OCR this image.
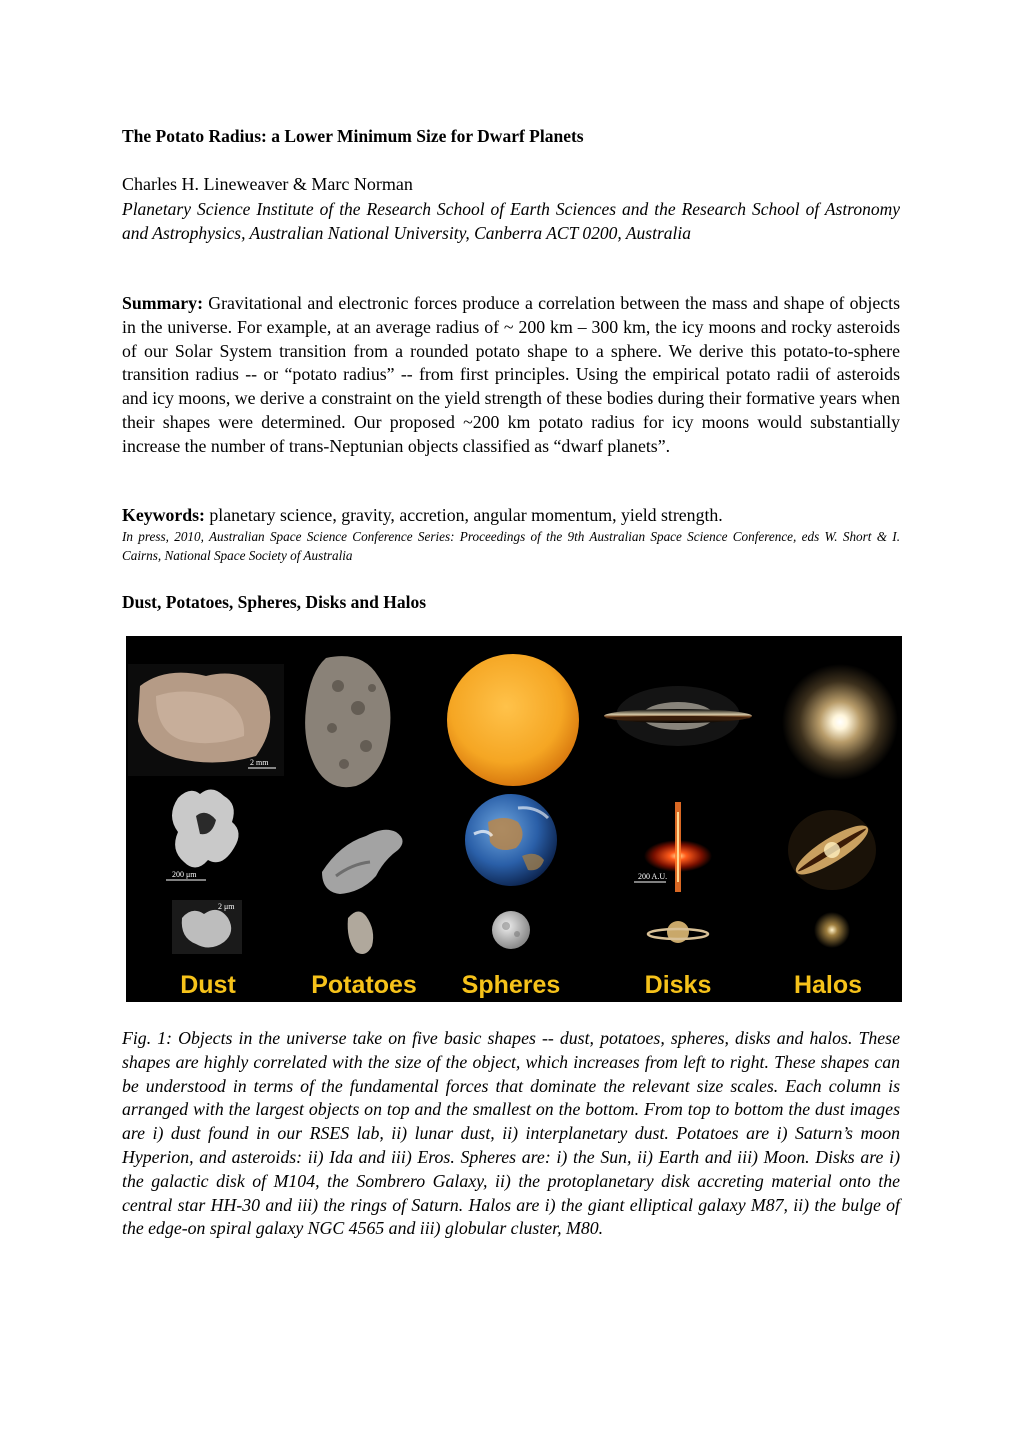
The Potato Radius: a Lower Minimum Size for Dwarf Planets
Charles H. Lineweaver & Marc Norman
Planetary Science Institute of the Research School of Earth Sciences and the Research School of Astronomy and Astrophysics, Australian National University, Canberra ACT 0200, Australia
Summary: Gravitational and electronic forces produce a correlation between the mass and shape of objects in the universe. For example, at an average radius of ~ 200 km – 300 km, the icy moons and rocky asteroids of our Solar System transition from a rounded potato shape to a sphere. We derive this potato-to-sphere transition radius -- or “potato radius” -- from first principles. Using the empirical potato radii of asteroids and icy moons, we derive a constraint on the yield strength of these bodies during their formative years when their shapes were determined. Our proposed ~200 km potato radius for icy moons would substantially increase the number of trans-Neptunian objects classified as “dwarf planets”.
Keywords: planetary science, gravity, accretion, angular momentum, yield strength.
In press, 2010, Australian Space Science Conference Series: Proceedings of the 9th Australian Space Science Conference, eds W. Short & I. Cairns, National Space Society of Australia
Dust, Potatoes, Spheres, Disks and Halos
2 mm
200 μm
2 μm
200 A.U.
Dust	Potatoes Spheres	Disks	Halos
Fig. 1: Objects in the universe take on five basic shapes -- dust, potatoes, spheres, disks and halos. These shapes are highly correlated with the size of the object, which increases from left to right. These shapes can be understood in terms of the fundamental forces that dominate the relevant size scales. Each column is arranged with the largest objects on top and the smallest on the bottom. From top to bottom the dust images are i) dust found in our RSES lab, ii) lunar dust, ii) interplanetary dust. Potatoes are i) Saturn’s moon Hyperion, and asteroids: ii) Ida and iii) Eros. Spheres are: i) the Sun, ii) Earth and iii) Moon. Disks are i) the galactic disk of M104, the Sombrero Galaxy, ii) the protoplanetary disk accreting material onto the central star HH-30 and iii) the rings of Saturn. Halos are i) the giant elliptical galaxy M87, ii) the bulge of the edge-on spiral galaxy NGC 4565 and iii) globular cluster, M80.
